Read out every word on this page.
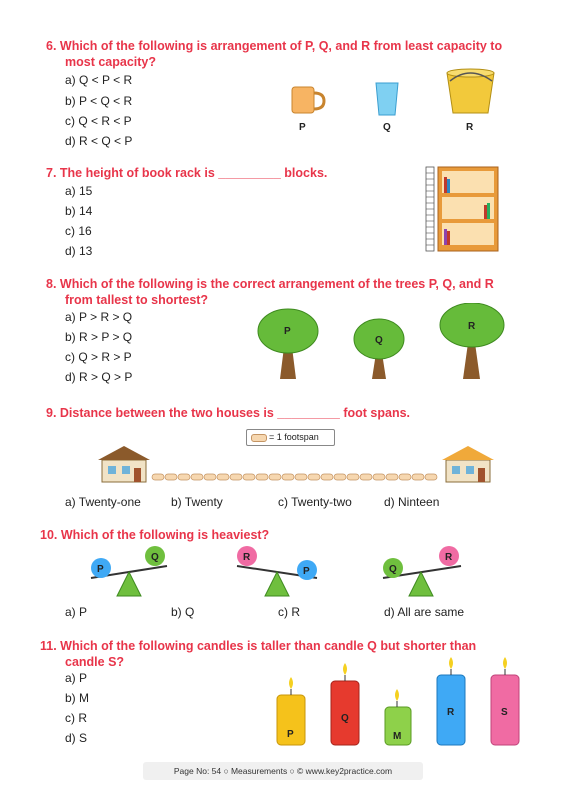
6. Which of the following is arrangement of P, Q, and R from least capacity to
most capacity?
a) Q < P < R
b) P < Q < R
c) Q < R < P
d) R < Q < P
P	Q	R
7. The height of book rack is _________ blocks.
a) 15
b) 14
c) 16
d) 13
8. Which of the following is the correct arrangement of the trees P, Q, and R
from tallest to shortest?
a) P > R > Q
b) R > P > Q
c) Q > R > P
d) R > Q > P
P
Q
R
9. Distance between the two houses is _________ foot spans.
= 1 footspan
a) Twenty-one	b) Twenty	c) Twenty-two	d) Ninteen
10. Which of the following is heaviest?
P
Q	R
P	Q
R
a) P	b) Q	c) R	d) All are same
11. Which of the following candles is taller than candle Q but shorter than
candle S?
a) P
b) M
c) R
d) S	P
Q
M
R	S
Page No: 54 ○ Measurements ○ © www.key2practice.com
